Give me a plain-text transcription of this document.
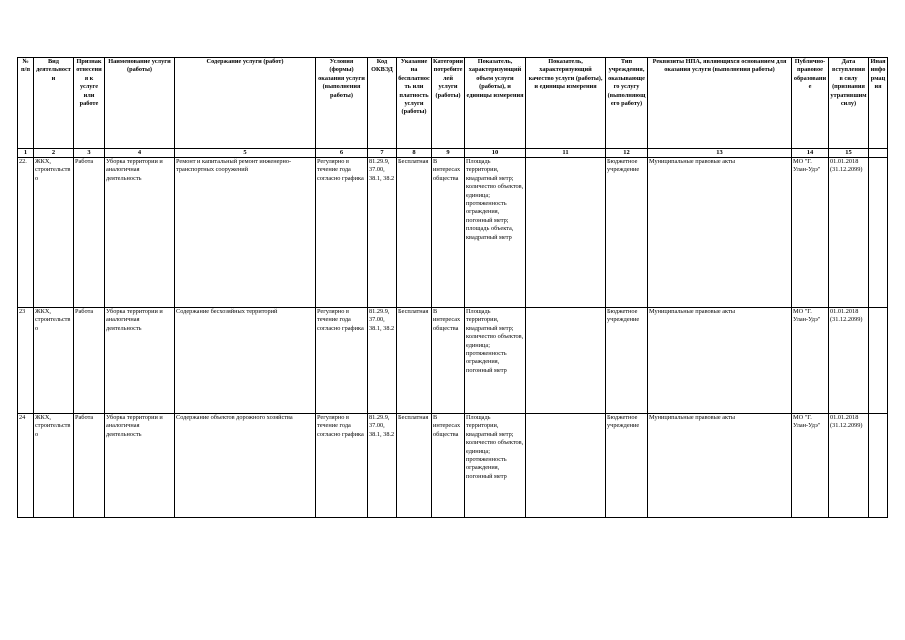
№ п/п	Вид деятельности	Признак отнесения к услуге или работе	Наименование услуги (работы)	Содержание услуги (работ)	Условия (формы) оказания услуги (выполнения работы)	Код ОКВЭД	Указание на бесплатность или платность услуги (работы)	Категории потребителей услуги (работы)	Показатель, характеризующий объем услуги (работы), и единицы измерения	Показатель, характеризующий качество услуги (работы), и единицы измерения	Тип учреждения, оказывающего услугу (выполняющего работу)	Реквизиты НПА, являющихся основанием для оказания услуги (выполнения работы)	Публично-правовое образование	Дата вступления в силу (признания утратившим силу)	Иная информация
1	2	3	4	5	6	7	8	9	10	11	12	13	14	15	
22.	ЖКХ, строительство	Работа	Уборка территории и аналогичная деятельность	Ремонт и капитальный ремонт инженерно-транспортных сооружений	Регулярно в течение года согласно графика	81.29.9, 37.00, 38.1, 38.2	Бесплатная	В интересах общества	Площадь территории, квадратный метр; количество объектов, единица; протяженность ограждения, погонный метр; площадь объекта, квадратный метр		Бюджетное учреждение	Муниципальные правовые акты	МО "Г. Улан-Удэ"	01.01.2018 (31.12.2099)	
23	ЖКХ, строительство	Работа	Уборка территории и аналогичная деятельность	Содержание бесхозяйных территорий	Регулярно в течение года согласно графика	81.29.9, 37.00, 38.1, 38.2	Бесплатная	В интересах общества	Площадь территории, квадратный метр; количество объектов, единица; протяженность ограждения, погонный метр		Бюджетное учреждение	Муниципальные правовые акты	МО "Г. Улан-Удэ"	01.01.2018 (31.12.2099)	
24	ЖКХ, строительство	Работа	Уборка территории и аналогичная деятельность	Содержание объектов дорожного хозяйства	Регулярно в течение года согласно графика	81.29.9, 37.00, 38.1, 38.2	Бесплатная	В интересах общества	Площадь территории, квадратный метр; количество объектов, единица; протяженность ограждения, погонный метр		Бюджетное учреждение	Муниципальные правовые акты	МО "Г. Улан-Удэ"	01.01.2018 (31.12.2099)	
